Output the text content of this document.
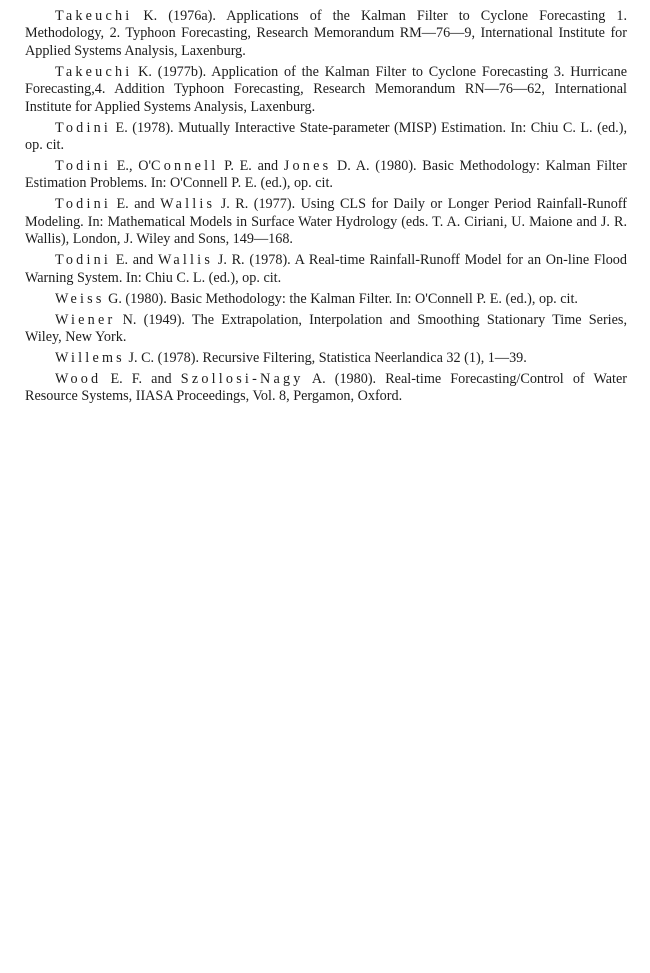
Takeuchi K. (1976a). Applications of the Kalman Filter to Cyclone Forecasting 1. Methodology, 2. Typhoon Forecasting, Research Memorandum RM—76—9, International Institute for Applied Systems Analysis, Laxenburg.

Takeuchi K. (1977b). Application of the Kalman Filter to Cyclone Forecasting 3. Hurricane Forecasting,4. Addition Typhoon Forecasting, Research Memorandum RN—76—62, International Institute for Applied Systems Analysis, Laxenburg.

Todini E. (1978). Mutually Interactive State-parameter (MISP) Estimation. In: Chiu C. L. (ed.), op. cit.

Todini E., O'Connell P. E. and Jones D. A. (1980). Basic Methodology: Kalman Filter Estimation Problems. In: O'Connell P. E. (ed.), op. cit.

Todini E. and Wallis J. R. (1977). Using CLS for Daily or Longer Period Rainfall-Runoff Modeling. In: Mathematical Models in Surface Water Hydrology (eds. T. A. Ciriani, U. Maione and J. R. Wallis), London, J. Wiley and Sons, 149—168.

Todini E. and Wallis J. R. (1978). A Real-time Rainfall-Runoff Model for an On-line Flood Warning System. In: Chiu C. L. (ed.), op. cit.

Weiss G. (1980). Basic Methodology: the Kalman Filter. In: O'Connell P. E. (ed.), op. cit.

Wiener N. (1949). The Extrapolation, Interpolation and Smoothing Stationary Time Series, Wiley, New York.

Willems J. C. (1978). Recursive Filtering, Statistica Neerlandica 32 (1), 1—39.

Wood E. F. and Szollosi-Nagy A. (1980). Real-time Forecasting/Control of Water Resource Systems, IIASA Proceedings, Vol. 8, Pergamon, Oxford.
